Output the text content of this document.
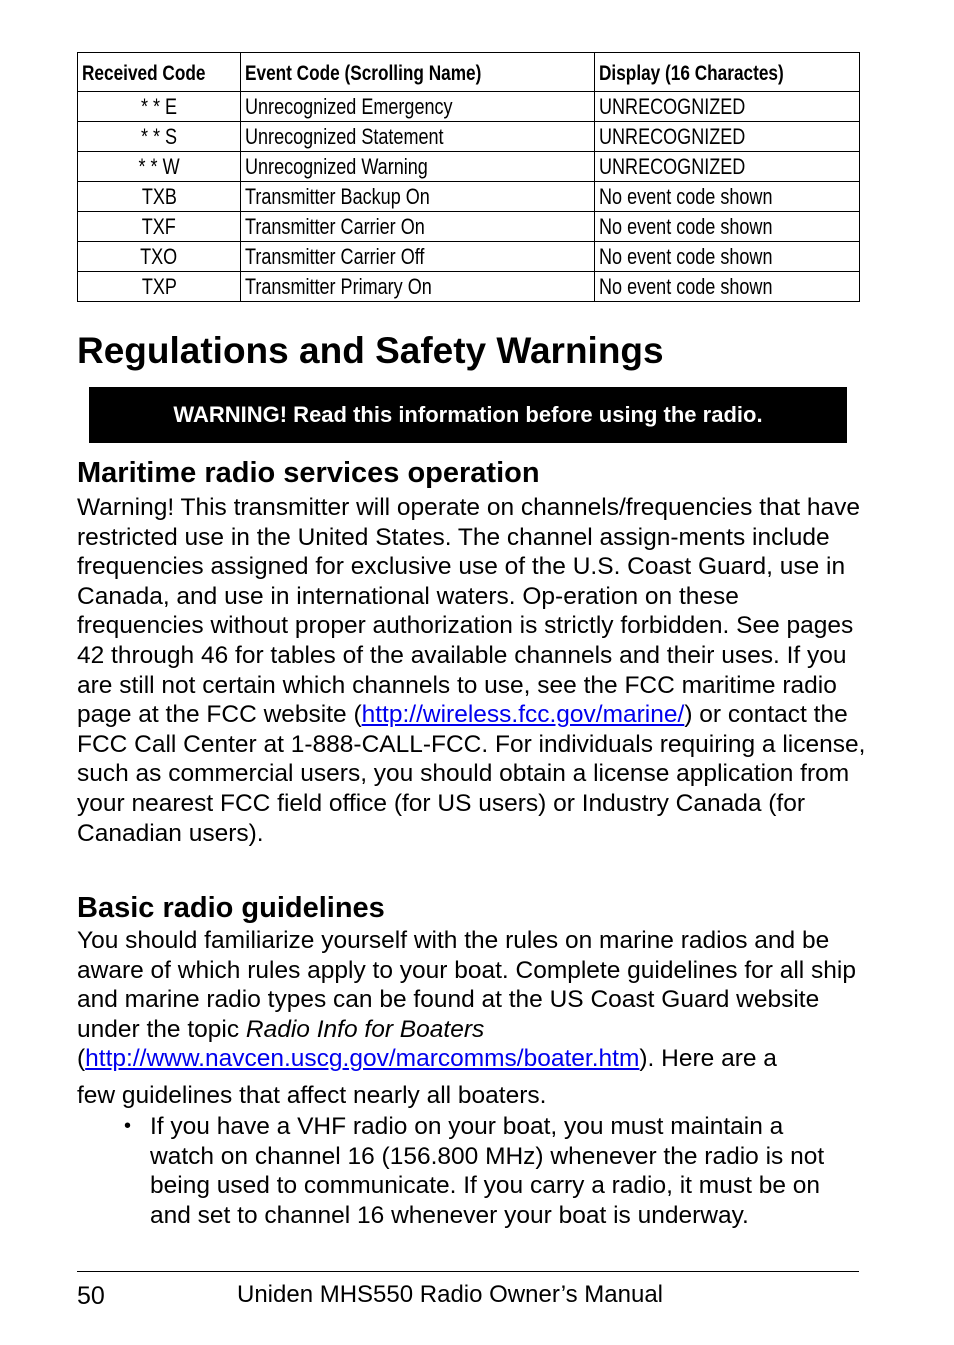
Received Code	Event Code (Scrolling Name)	Display (16 Charactes)
* * E	Unrecognized Emergency	UNRECOGNIZED
* * S	Unrecognized Statement	UNRECOGNIZED
* * W	Unrecognized Warning	UNRECOGNIZED
TXB	Transmitter Backup On	No event code shown
TXF	Transmitter Carrier On	No event code shown
TXO	Transmitter Carrier Off	No event code shown
TXP	Transmitter Primary On	No event code shown
Regulations and Safety Warnings
WARNING! Read this information before using the radio.
Maritime radio services operation

Warning! This transmitter will operate on channels/frequencies that have restricted use in the United States. The channel assign-ments include frequencies assigned for exclusive use of the U.S. Coast Guard, use in Canada, and use in international waters. Op-eration on these frequencies without proper authorization is strictly forbidden. See pages 42 through 46 for tables of the available channels and their uses. If you are still not certain which channels to use, see the FCC maritime radio page at the FCC website (http://wireless.fcc.gov/marine/) or contact the FCC Call Center at 1-888-CALL-FCC. For individuals requiring a license, such as commercial users, you should obtain a license application from your nearest FCC field office (for US users) or Industry Canada (for Canadian users).

Basic radio guidelines

You should familiarize yourself with the rules on marine radios and be aware of which rules apply to your boat. Complete guidelines for all ship and marine radio types can be found at the US Coast Guard website under the topic Radio Info for Boaters
(http://www.navcen.uscg.gov/marcomms/boater.htm). Here are a

few guidelines that affect nearly all boaters.

• If you have a VHF radio on your boat, you must maintain a watch on channel 16 (156.800 MHz) whenever the radio is not being used to communicate. If you carry a radio, it must be on and set to channel 16 whenever your boat is underway.
50	Uniden MHS550 Radio Owner’s Manual
